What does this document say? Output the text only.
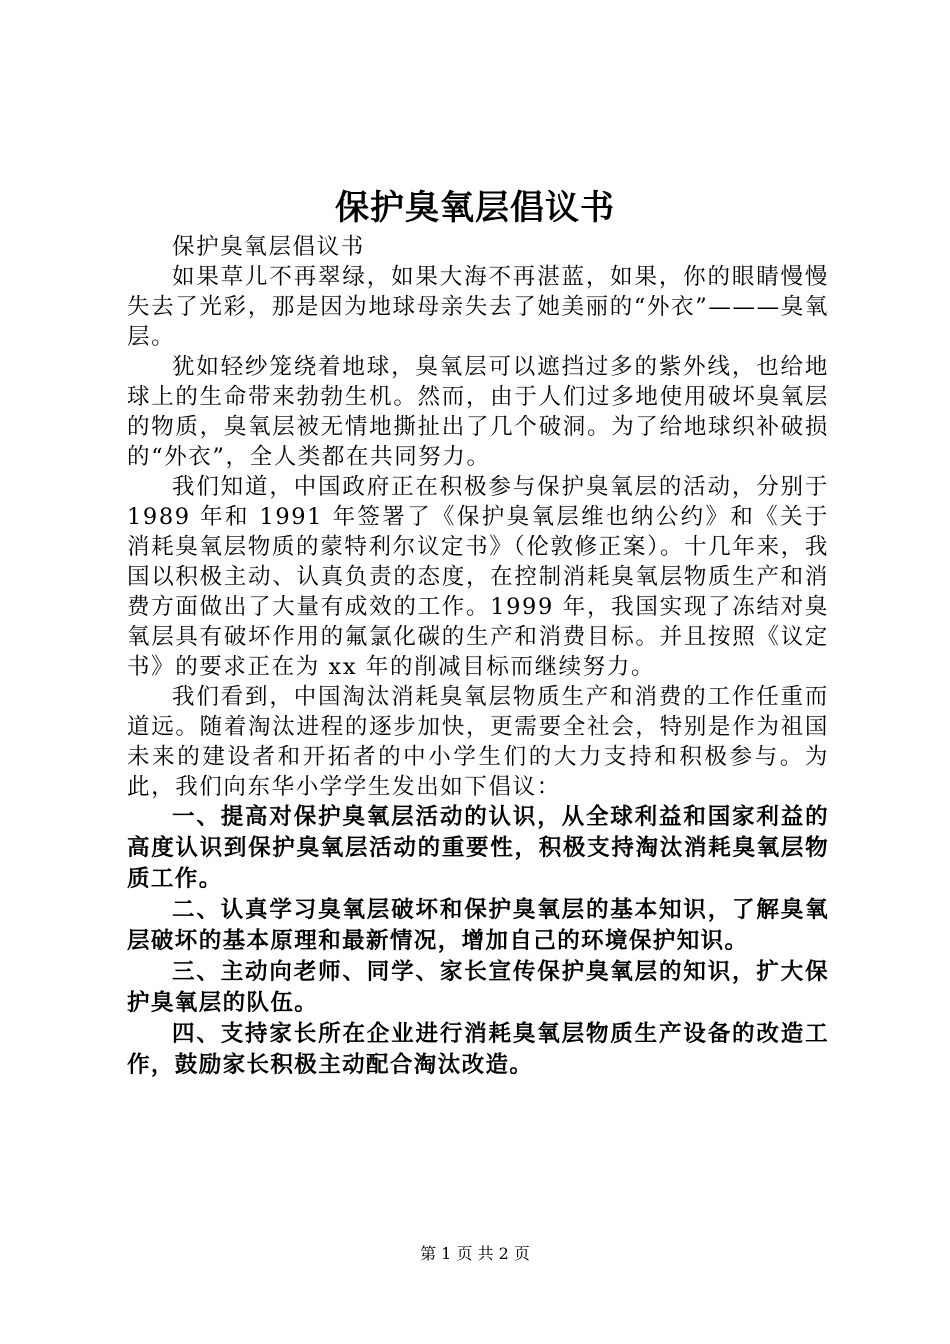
保护臭氧层倡议书

保护臭氧层倡议书

如果草儿不再翠绿，如果大海不再湛蓝，如果，你的眼睛慢慢失去了光彩，那是因为地球母亲失去了她美丽的“外衣”———臭氧层。

犹如轻纱笼绕着地球，臭氧层可以遮挡过多的紫外线，也给地球上的生命带来勃勃生机。然而，由于人们过多地使用破坏臭氧层的物质，臭氧层被无情地撕扯出了几个破洞。为了给地球织补破损的“外衣”，全人类都在共同努力。

我们知道，中国政府正在积极参与保护臭氧层的活动，分别于 1989 年和 1991 年签署了《保护臭氧层维也纳公约》和《关于消耗臭氧层物质的蒙特利尔议定书》（伦敦修正案）。十几年来，我国以积极主动、认真负责的态度，在控制消耗臭氧层物质生产和消费方面做出了大量有成效的工作。1999 年，我国实现了冻结对臭氧层具有破坏作用的氟氯化碳的生产和消费目标。并且按照《议定书》的要求正在为 xx 年的削减目标而继续努力。

我们看到，中国淘汰消耗臭氧层物质生产和消费的工作任重而道远。随着淘汰进程的逐步加快，更需要全社会，特别是作为祖国未来的建设者和开拓者的中小学生们的大力支持和积极参与。为此，我们向东华小学学生发出如下倡议：

一、提高对保护臭氧层活动的认识，从全球利益和国家利益的高度认识到保护臭氧层活动的重要性，积极支持淘汰消耗臭氧层物质工作。

二、认真学习臭氧层破坏和保护臭氧层的基本知识，了解臭氧层破坏的基本原理和最新情况，增加自己的环境保护知识。

三、主动向老师、同学、家长宣传保护臭氧层的知识，扩大保护臭氧层的队伍。

四、支持家长所在企业进行消耗臭氧层物质生产设备的改造工作，鼓励家长积极主动配合淘汰改造。

第 1 页 共 2 页
